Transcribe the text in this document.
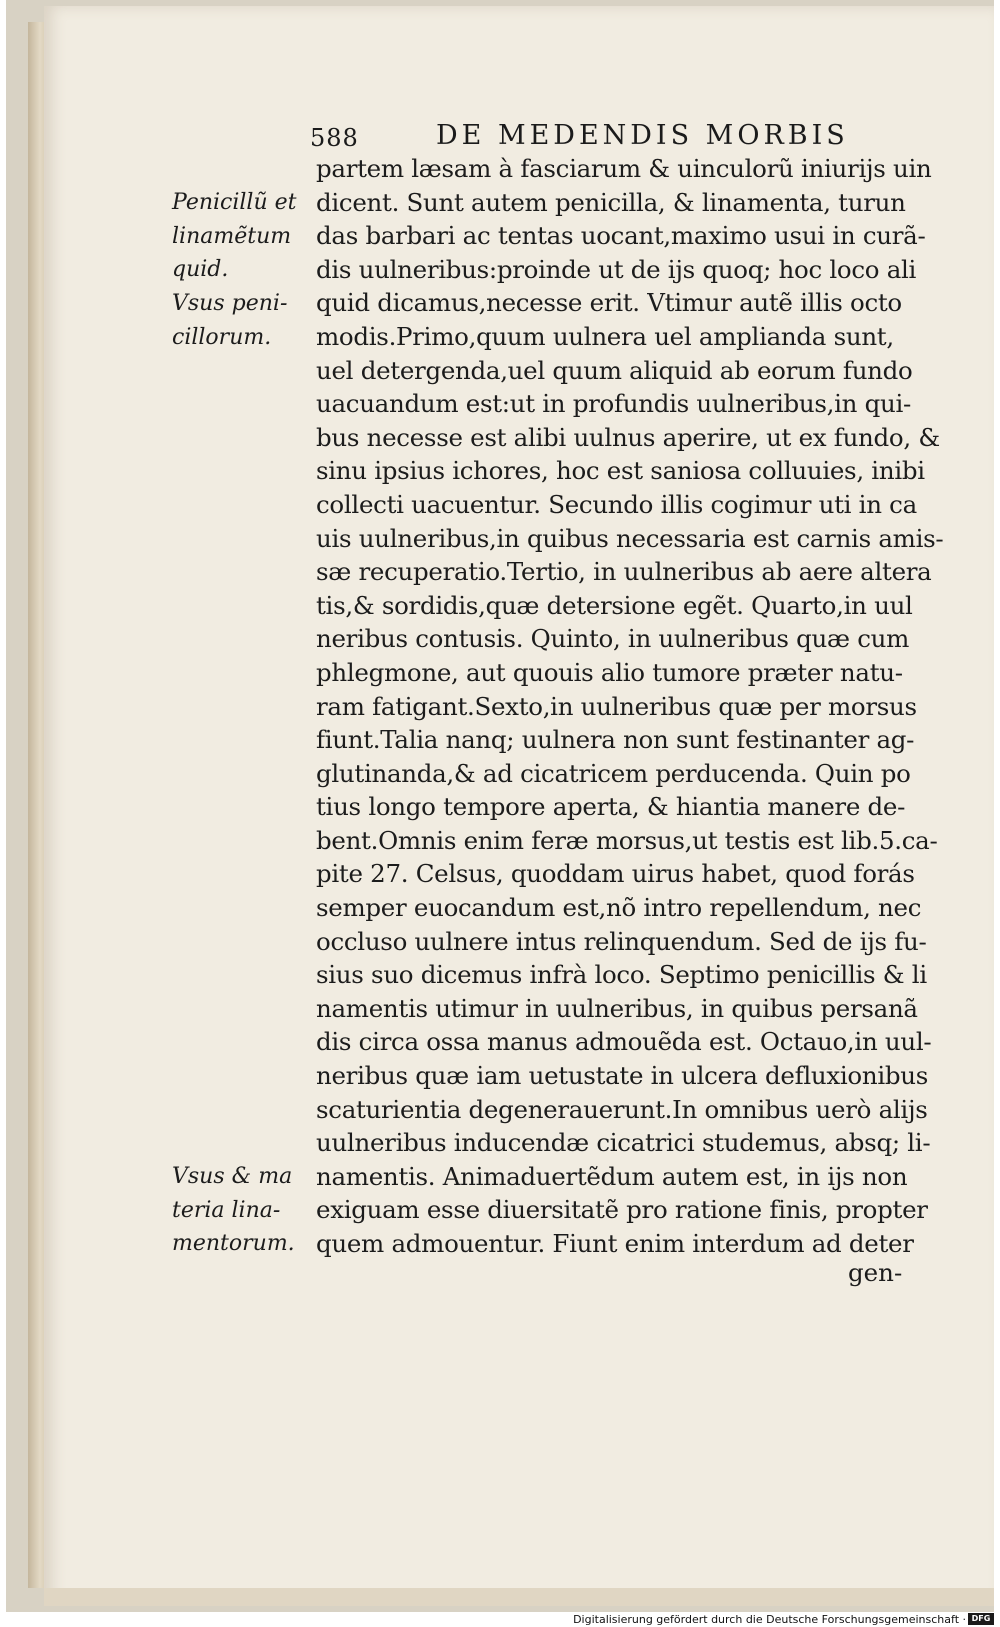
588	DE MEDENDIS MORBIS
partem læsam à fasciarum & uinculorũ iniurijs uin
dicent. Sunt autem penicilla, & linamenta, turun
das barbari ac tentas uocant,maximo usui in curã-
dis uulneribus:proinde ut de ijs quoq; hoc loco ali
quid dicamus,necesse erit. Vtimur autẽ illis octo
modis.Primo,quum uulnera uel amplianda sunt,
uel detergenda,uel quum aliquid ab eorum fundo
uacuandum est:ut in profundis uulneribus,in qui-
bus necesse est alibi uulnus aperire, ut ex fundo, &
sinu ipsius ichores, hoc est saniosa colluuies, inibi
collecti uacuentur. Secundo illis cogimur uti in ca
uis uulneribus,in quibus necessaria est carnis amis-
sæ recuperatio.Tertio, in uulneribus ab aere altera
tis,& sordidis,quæ detersione egẽt. Quarto,in uul
neribus contusis. Quinto, in uulneribus quæ cum
phlegmone, aut quouis alio tumore præter natu-
ram fatigant.Sexto,in uulneribus quæ per morsus
fiunt.Talia nanq; uulnera non sunt festinanter ag-
glutinanda,& ad cicatricem perducenda. Quin po
tius longo tempore aperta, & hiantia manere de-
bent.Omnis enim feræ morsus,ut testis est lib.5.ca-
pite 27. Celsus, quoddam uirus habet, quod forás
semper euocandum est,nõ intro repellendum, nec
occluso uulnere intus relinquendum. Sed de ijs fu-
sius suo dicemus infrà loco. Septimo penicillis & li
namentis utimur in uulneribus, in quibus persanã
dis circa ossa manus admouẽda est. Octauo,in uul-
neribus quæ iam uetustate in ulcera defluxionibus
scaturientia degenerauerunt.In omnibus uerò alijs
uulneribus inducendæ cicatrici studemus, absq; li-
namentis. Animaduertẽdum autem est, in ijs non
exiguam esse diuersitatẽ pro ratione finis, propter
quem admouentur. Fiunt enim interdum ad deter
gen-
Penicillũ et
linamẽtum
quid.
Vsus peni-
cillorum.
Vsus & ma
teria lina-
mentorum.
Digitalisierung gefördert durch die Deutsche Forschungsgemeinschaft · DFG
